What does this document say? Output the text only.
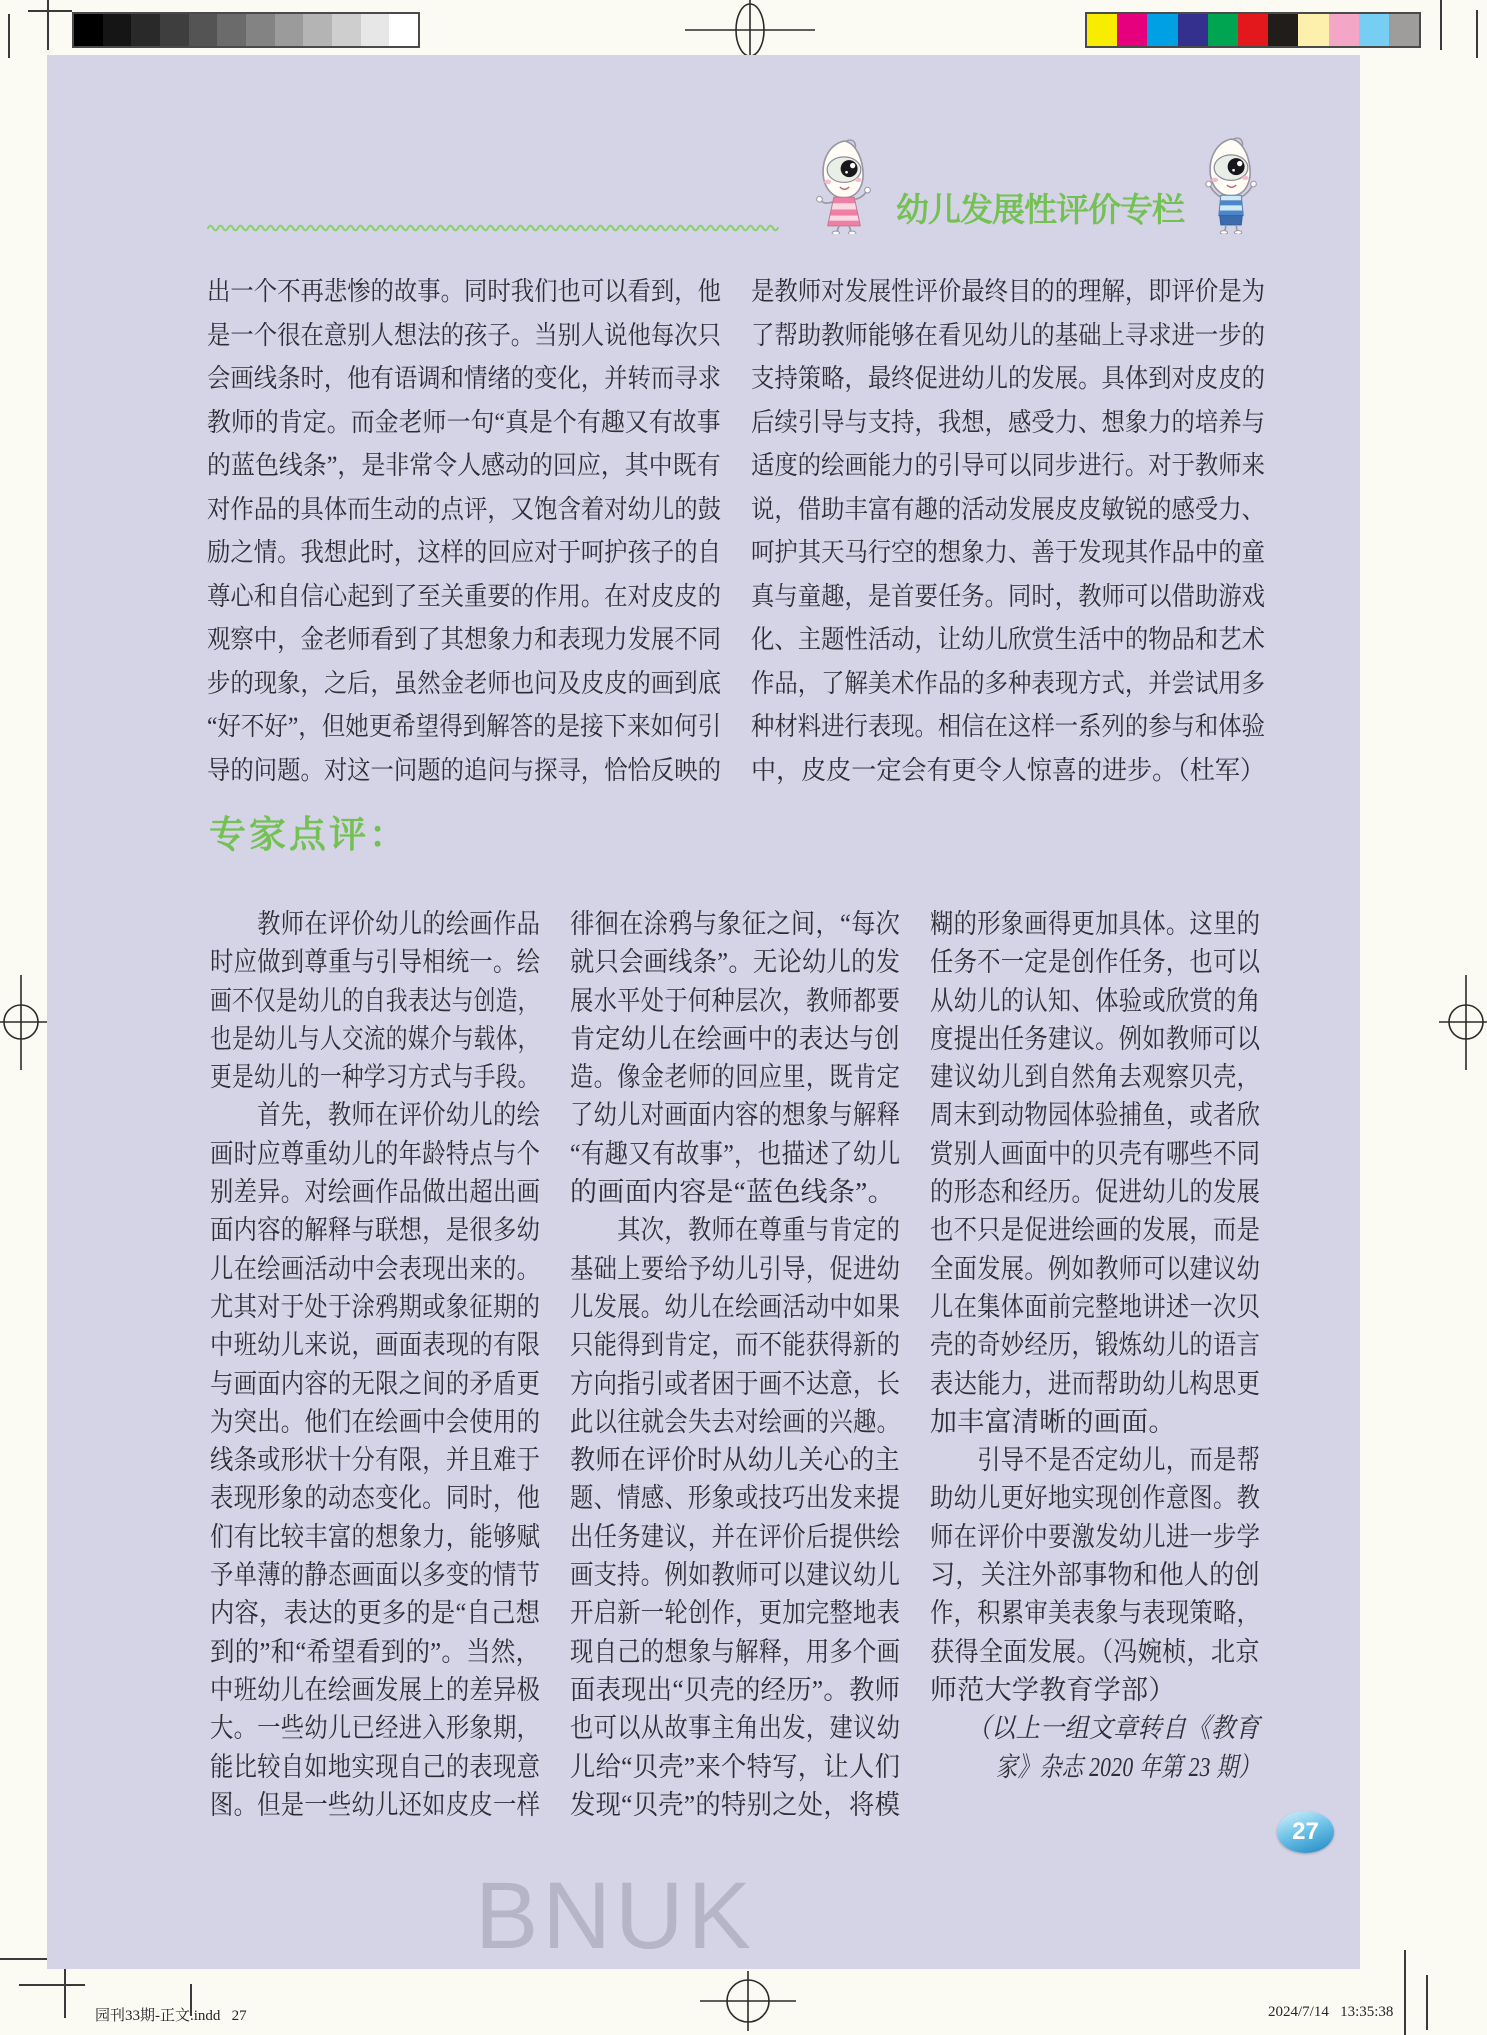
BNUK
幼儿发展性评价专栏
出一个不再悲惨的故事。同时我们也可以看到，他
是一个很在意别人想法的孩子。当别人说他每次只
会画线条时，他有语调和情绪的变化，并转而寻求
教师的肯定。而金老师一句“真是个有趣又有故事
的蓝色线条”，是非常令人感动的回应，其中既有
对作品的具体而生动的点评，又饱含着对幼儿的鼓
励之情。我想此时，这样的回应对于呵护孩子的自
尊心和自信心起到了至关重要的作用。在对皮皮的
观察中，金老师看到了其想象力和表现力发展不同
步的现象，之后，虽然金老师也问及皮皮的画到底
“好不好”，但她更希望得到解答的是接下来如何引
导的问题。对这一问题的追问与探寻，恰恰反映的
是教师对发展性评价最终目的的理解，即评价是为
了帮助教师能够在看见幼儿的基础上寻求进一步的
支持策略，最终促进幼儿的发展。具体到对皮皮的
后续引导与支持，我想，感受力、想象力的培养与
适度的绘画能力的引导可以同步进行。对于教师来
说，借助丰富有趣的活动发展皮皮敏锐的感受力、
呵护其天马行空的想象力、善于发现其作品中的童
真与童趣，是首要任务。同时，教师可以借助游戏
化、主题性活动，让幼儿欣赏生活中的物品和艺术
作品，了解美术作品的多种表现方式，并尝试用多
种材料进行表现。相信在这样一系列的参与和体验
中，皮皮一定会有更令人惊喜的进步。（杜军）
专家点评：
　　教师在评价幼儿的绘画作品
时应做到尊重与引导相统一。绘
画不仅是幼儿的自我表达与创造，
也是幼儿与人交流的媒介与载体，
更是幼儿的一种学习方式与手段。
　　首先，教师在评价幼儿的绘
画时应尊重幼儿的年龄特点与个
别差异。对绘画作品做出超出画
面内容的解释与联想，是很多幼
儿在绘画活动中会表现出来的。
尤其对于处于涂鸦期或象征期的
中班幼儿来说，画面表现的有限
与画面内容的无限之间的矛盾更
为突出。他们在绘画中会使用的
线条或形状十分有限，并且难于
表现形象的动态变化。同时，他
们有比较丰富的想象力，能够赋
予单薄的静态画面以多变的情节
内容，表达的更多的是“自己想
到的”和“希望看到的”。当然，
中班幼儿在绘画发展上的差异极
大。一些幼儿已经进入形象期，
能比较自如地实现自己的表现意
图。但是一些幼儿还如皮皮一样
徘徊在涂鸦与象征之间，“每次
就只会画线条”。无论幼儿的发
展水平处于何种层次，教师都要
肯定幼儿在绘画中的表达与创
造。像金老师的回应里，既肯定
了幼儿对画面内容的想象与解释
“有趣又有故事”，也描述了幼儿
的画面内容是“蓝色线条”。
　　其次，教师在尊重与肯定的
基础上要给予幼儿引导，促进幼
儿发展。幼儿在绘画活动中如果
只能得到肯定，而不能获得新的
方向指引或者困于画不达意，长
此以往就会失去对绘画的兴趣。
教师在评价时从幼儿关心的主
题、情感、形象或技巧出发来提
出任务建议，并在评价后提供绘
画支持。例如教师可以建议幼儿
开启新一轮创作，更加完整地表
现自己的想象与解释，用多个画
面表现出“贝壳的经历”。教师
也可以从故事主角出发，建议幼
儿给“贝壳”来个特写，让人们
发现“贝壳”的特别之处，将模
糊的形象画得更加具体。这里的
任务不一定是创作任务，也可以
从幼儿的认知、体验或欣赏的角
度提出任务建议。例如教师可以
建议幼儿到自然角去观察贝壳，
周末到动物园体验捕鱼，或者欣
赏别人画面中的贝壳有哪些不同
的形态和经历。促进幼儿的发展
也不只是促进绘画的发展，而是
全面发展。例如教师可以建议幼
儿在集体面前完整地讲述一次贝
壳的奇妙经历，锻炼幼儿的语言
表达能力，进而帮助幼儿构思更
加丰富清晰的画面。
　　引导不是否定幼儿，而是帮
助幼儿更好地实现创作意图。教
师在评价中要激发幼儿进一步学
习，关注外部事物和他人的创
作，积累审美表象与表现策略，
获得全面发展。（冯婉桢，北京
师范大学教育学部）
　　（以上一组文章转自《教育
　　　家》杂志 2020 年第 23 期）
27
园刊33期-正文.indd   27	2024/7/14   13:35:38
